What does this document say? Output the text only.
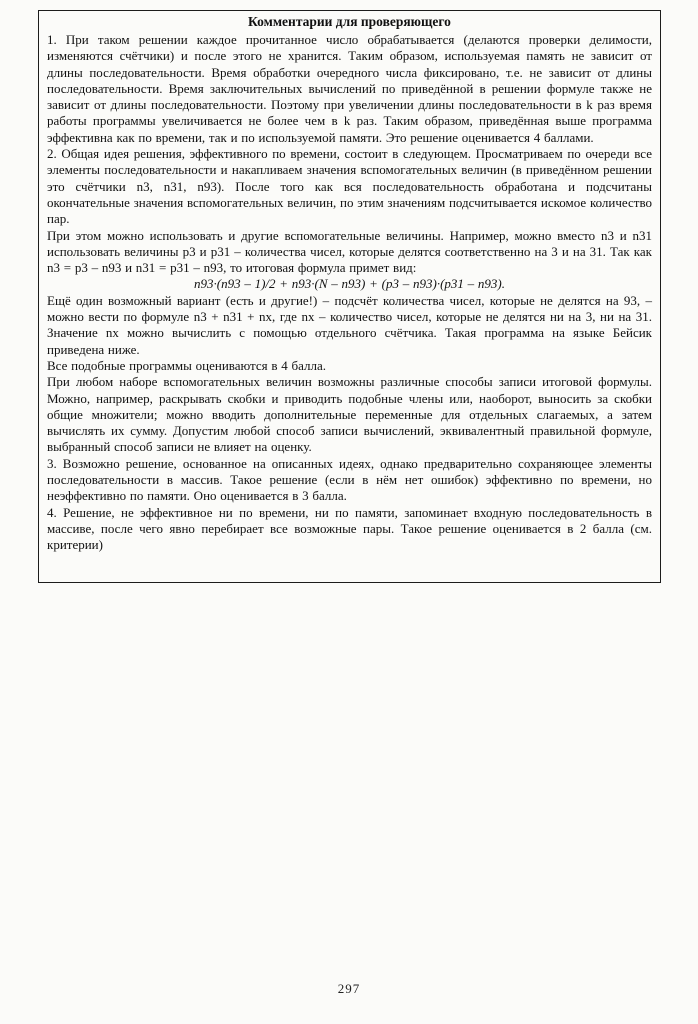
Комментарии для проверяющего

1. При таком решении каждое прочитанное число обрабатывается (делаются проверки делимости, изменяются счётчики) и после этого не хранится. Таким образом, используемая память не зависит от длины последовательности. Время обработки очередного числа фиксировано, т.е. не зависит от длины последовательности. Время заключительных вычислений по приведённой в решении формуле также не зависит от длины последовательности. Поэтому при увеличении длины последовательности в k раз время работы программы увеличивается не более чем в k раз. Таким образом, приведённая выше программа эффективна как по времени, так и по используемой памяти. Это решение оценивается 4 баллами.

2. Общая идея решения, эффективного по времени, состоит в следующем. Просматриваем по очереди все элементы последовательности и накапливаем значения вспомогательных величин (в приведённом решении это счётчики n3, n31, n93). После того как вся последовательность обработана и подсчитаны окончательные значения вспомогательных величин, по этим значениям подсчитывается искомое количество пар.

При этом можно использовать и другие вспомогательные величины. Например, можно вместо n3 и n31 использовать величины p3 и p31 – количества чисел, которые делятся соответственно на 3 и на 31. Так как n3 = p3 – n93 и n31 = p31 – n93, то итоговая формула примет вид:

n93·(n93 – 1)/2 + n93·(N – n93) + (p3 – n93)·(p31 – n93).

Ещё один возможный вариант (есть и другие!) – подсчёт количества чисел, которые не делятся на 93, – можно вести по формуле n3 + n31 + nx, где nx – количество чисел, которые не делятся ни на 3, ни на 31. Значение nx можно вычислить с помощью отдельного счётчика. Такая программа на языке Бейсик приведена ниже.

Все подобные программы оцениваются в 4 балла.

При любом наборе вспомогательных величин возможны различные способы записи итоговой формулы. Можно, например, раскрывать скобки и приводить подобные члены или, наоборот, выносить за скобки общие множители; можно вводить дополнительные переменные для отдельных слагаемых, а затем вычислять их сумму. Допустим любой способ записи вычислений, эквивалентный правильной формуле, выбранный способ записи не влияет на оценку.

3. Возможно решение, основанное на описанных идеях, однако предварительно сохраняющее элементы последовательности в массив. Такое решение (если в нём нет ошибок) эффективно по времени, но неэффективно по памяти. Оно оценивается в 3 балла.

4. Решение, не эффективное ни по времени, ни по памяти, запоминает входную последовательность в массиве, после чего явно перебирает все возможные пары. Такое решение оценивается в 2 балла (см. критерии)

297
